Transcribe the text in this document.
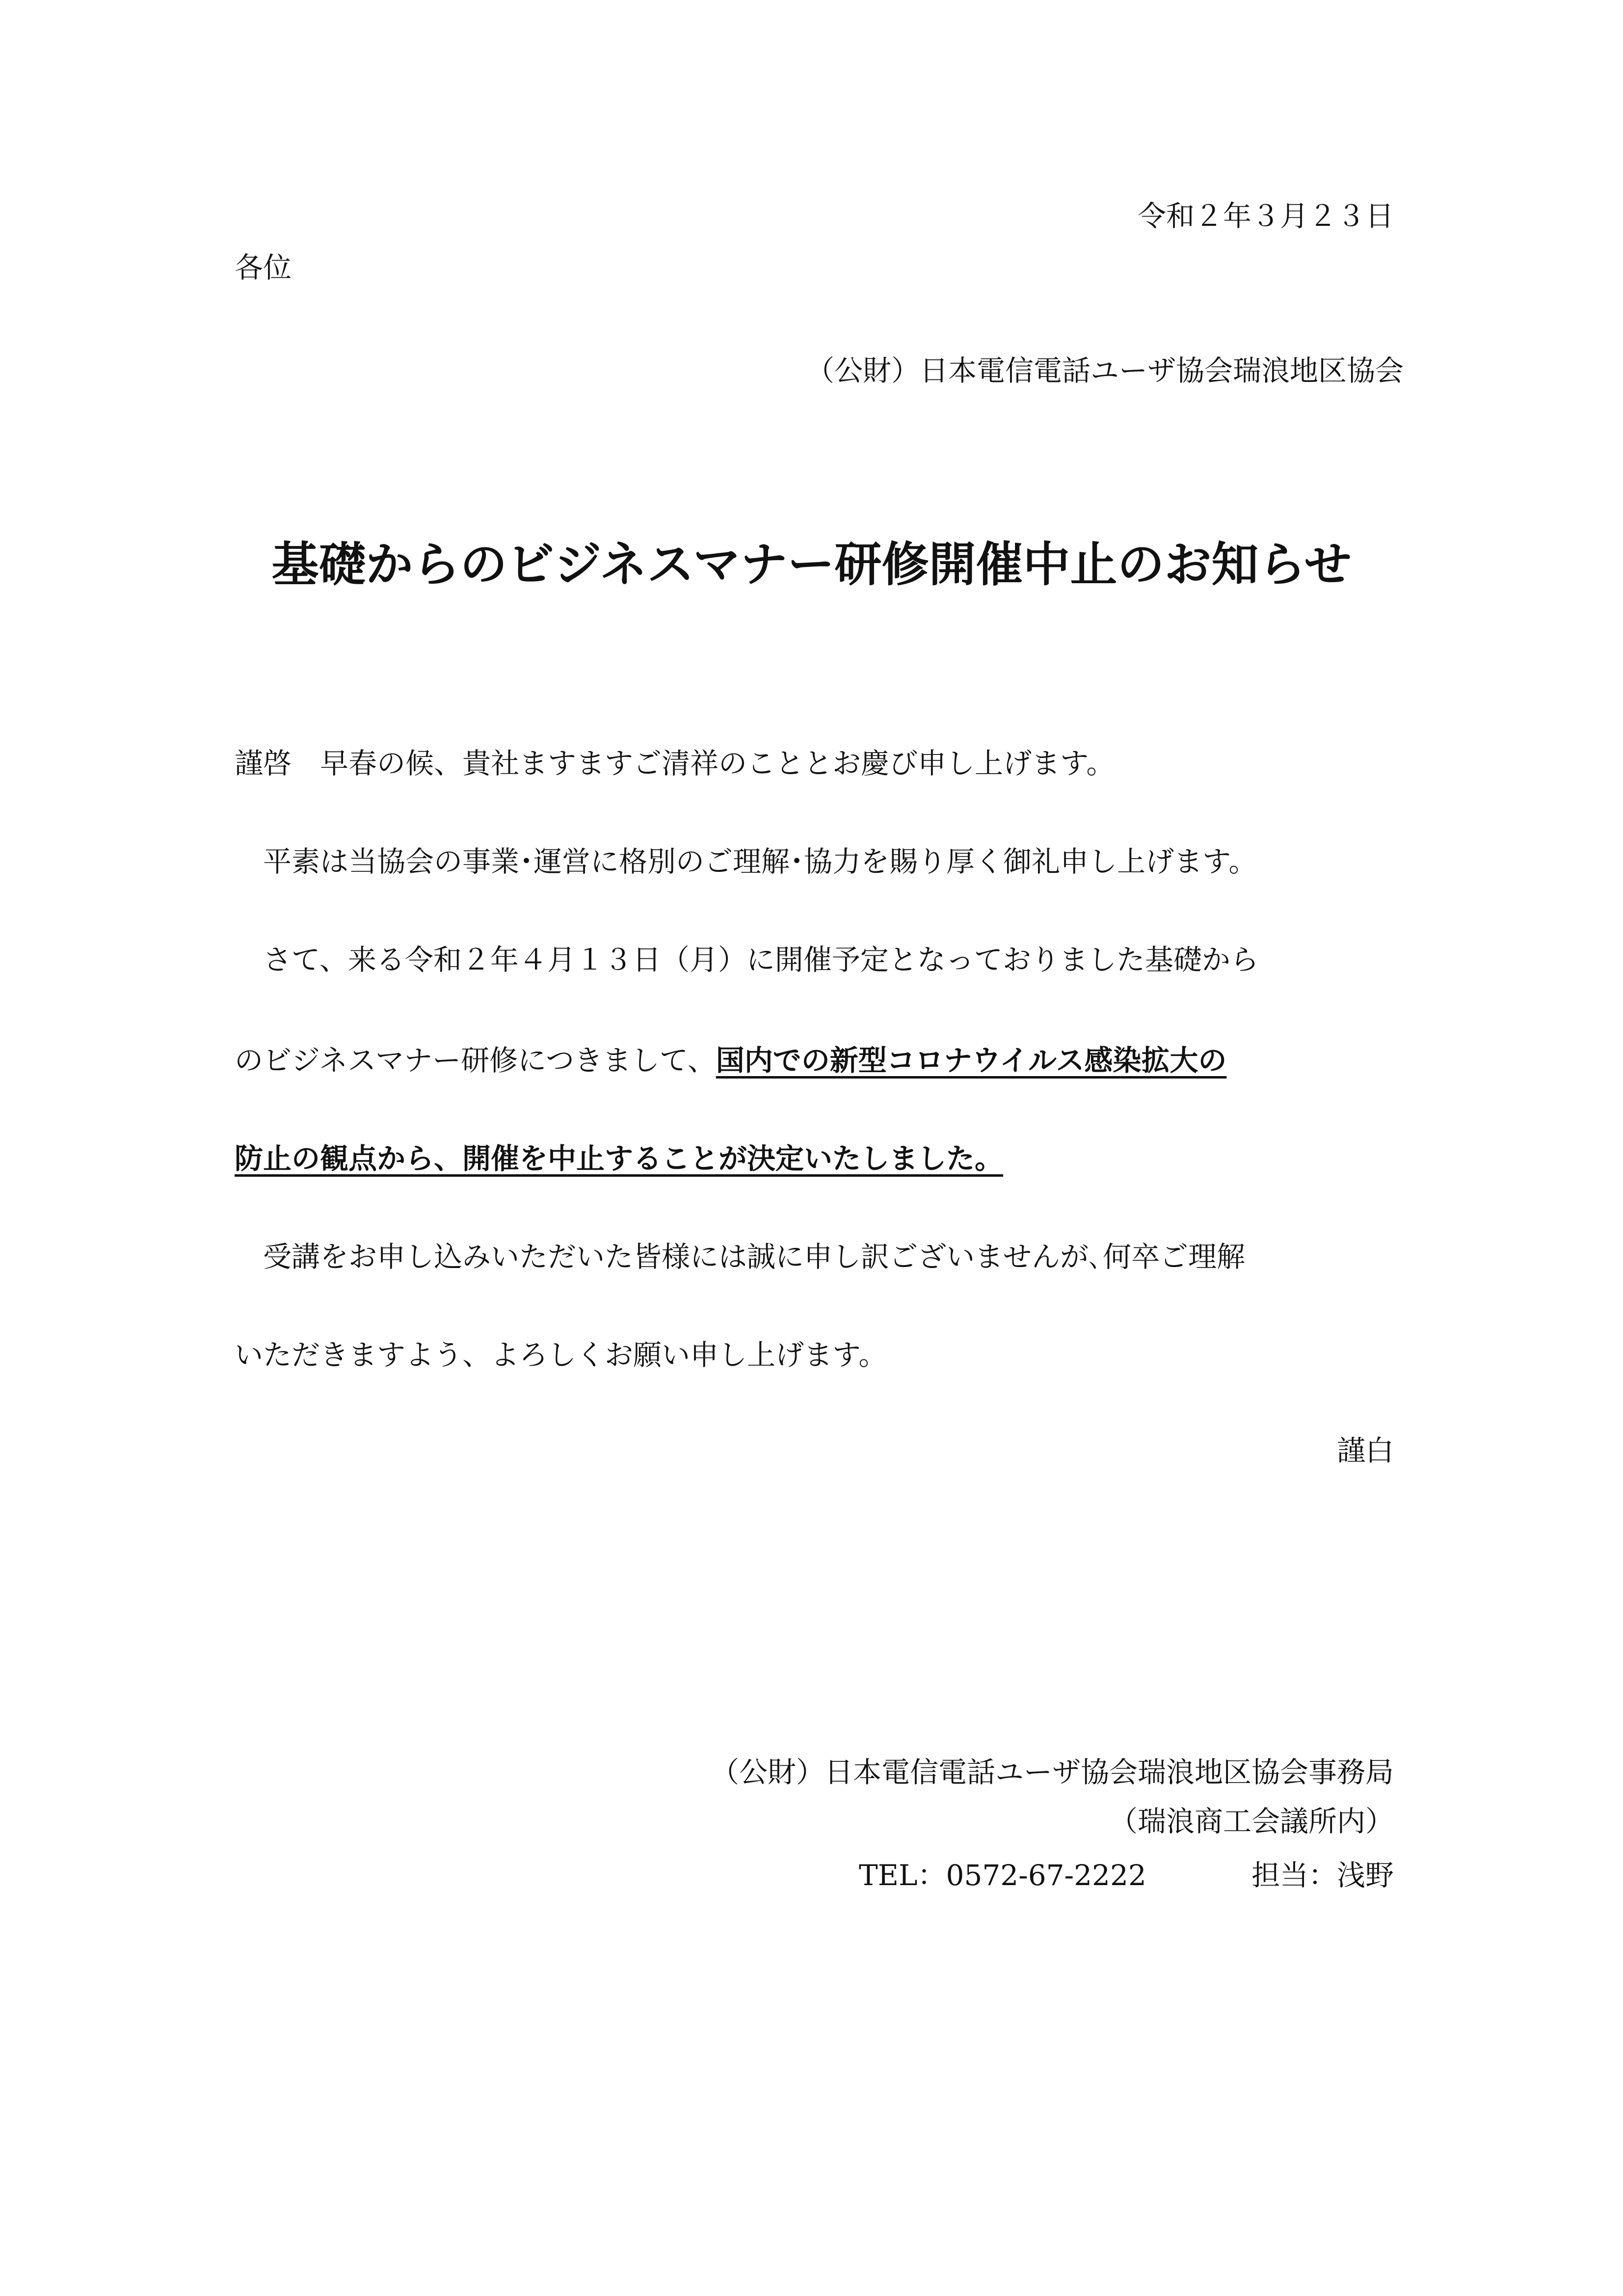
令和２年３月２３日
各位
（公財）日本電信電話ユーザ協会瑞浪地区協会
基礎からのビジネスマナー研修開催中止のお知らせ
謹啓　早春の候、貴社ますますご清祥のこととお慶び申し上げます。
　平素は当協会の事業･運営に格別のご理解･協力を賜り厚く御礼申し上げます。
　さて、来る令和２年４月１３日（月）に開催予定となっておりました基礎から
のビジネスマナー研修につきまして、国内での新型コロナウイルス感染拡大の
防止の観点から、開催を中止することが決定いたしました。
　受講をお申し込みいただいた皆様には誠に申し訳ございませんが､何卒ご理解
いただきますよう、よろしくお願い申し上げます。
謹白
（公財）日本電信電話ユーザ協会瑞浪地区協会事務局
（瑞浪商工会議所内）
TEL：0572-67-2222	担当：浅野
